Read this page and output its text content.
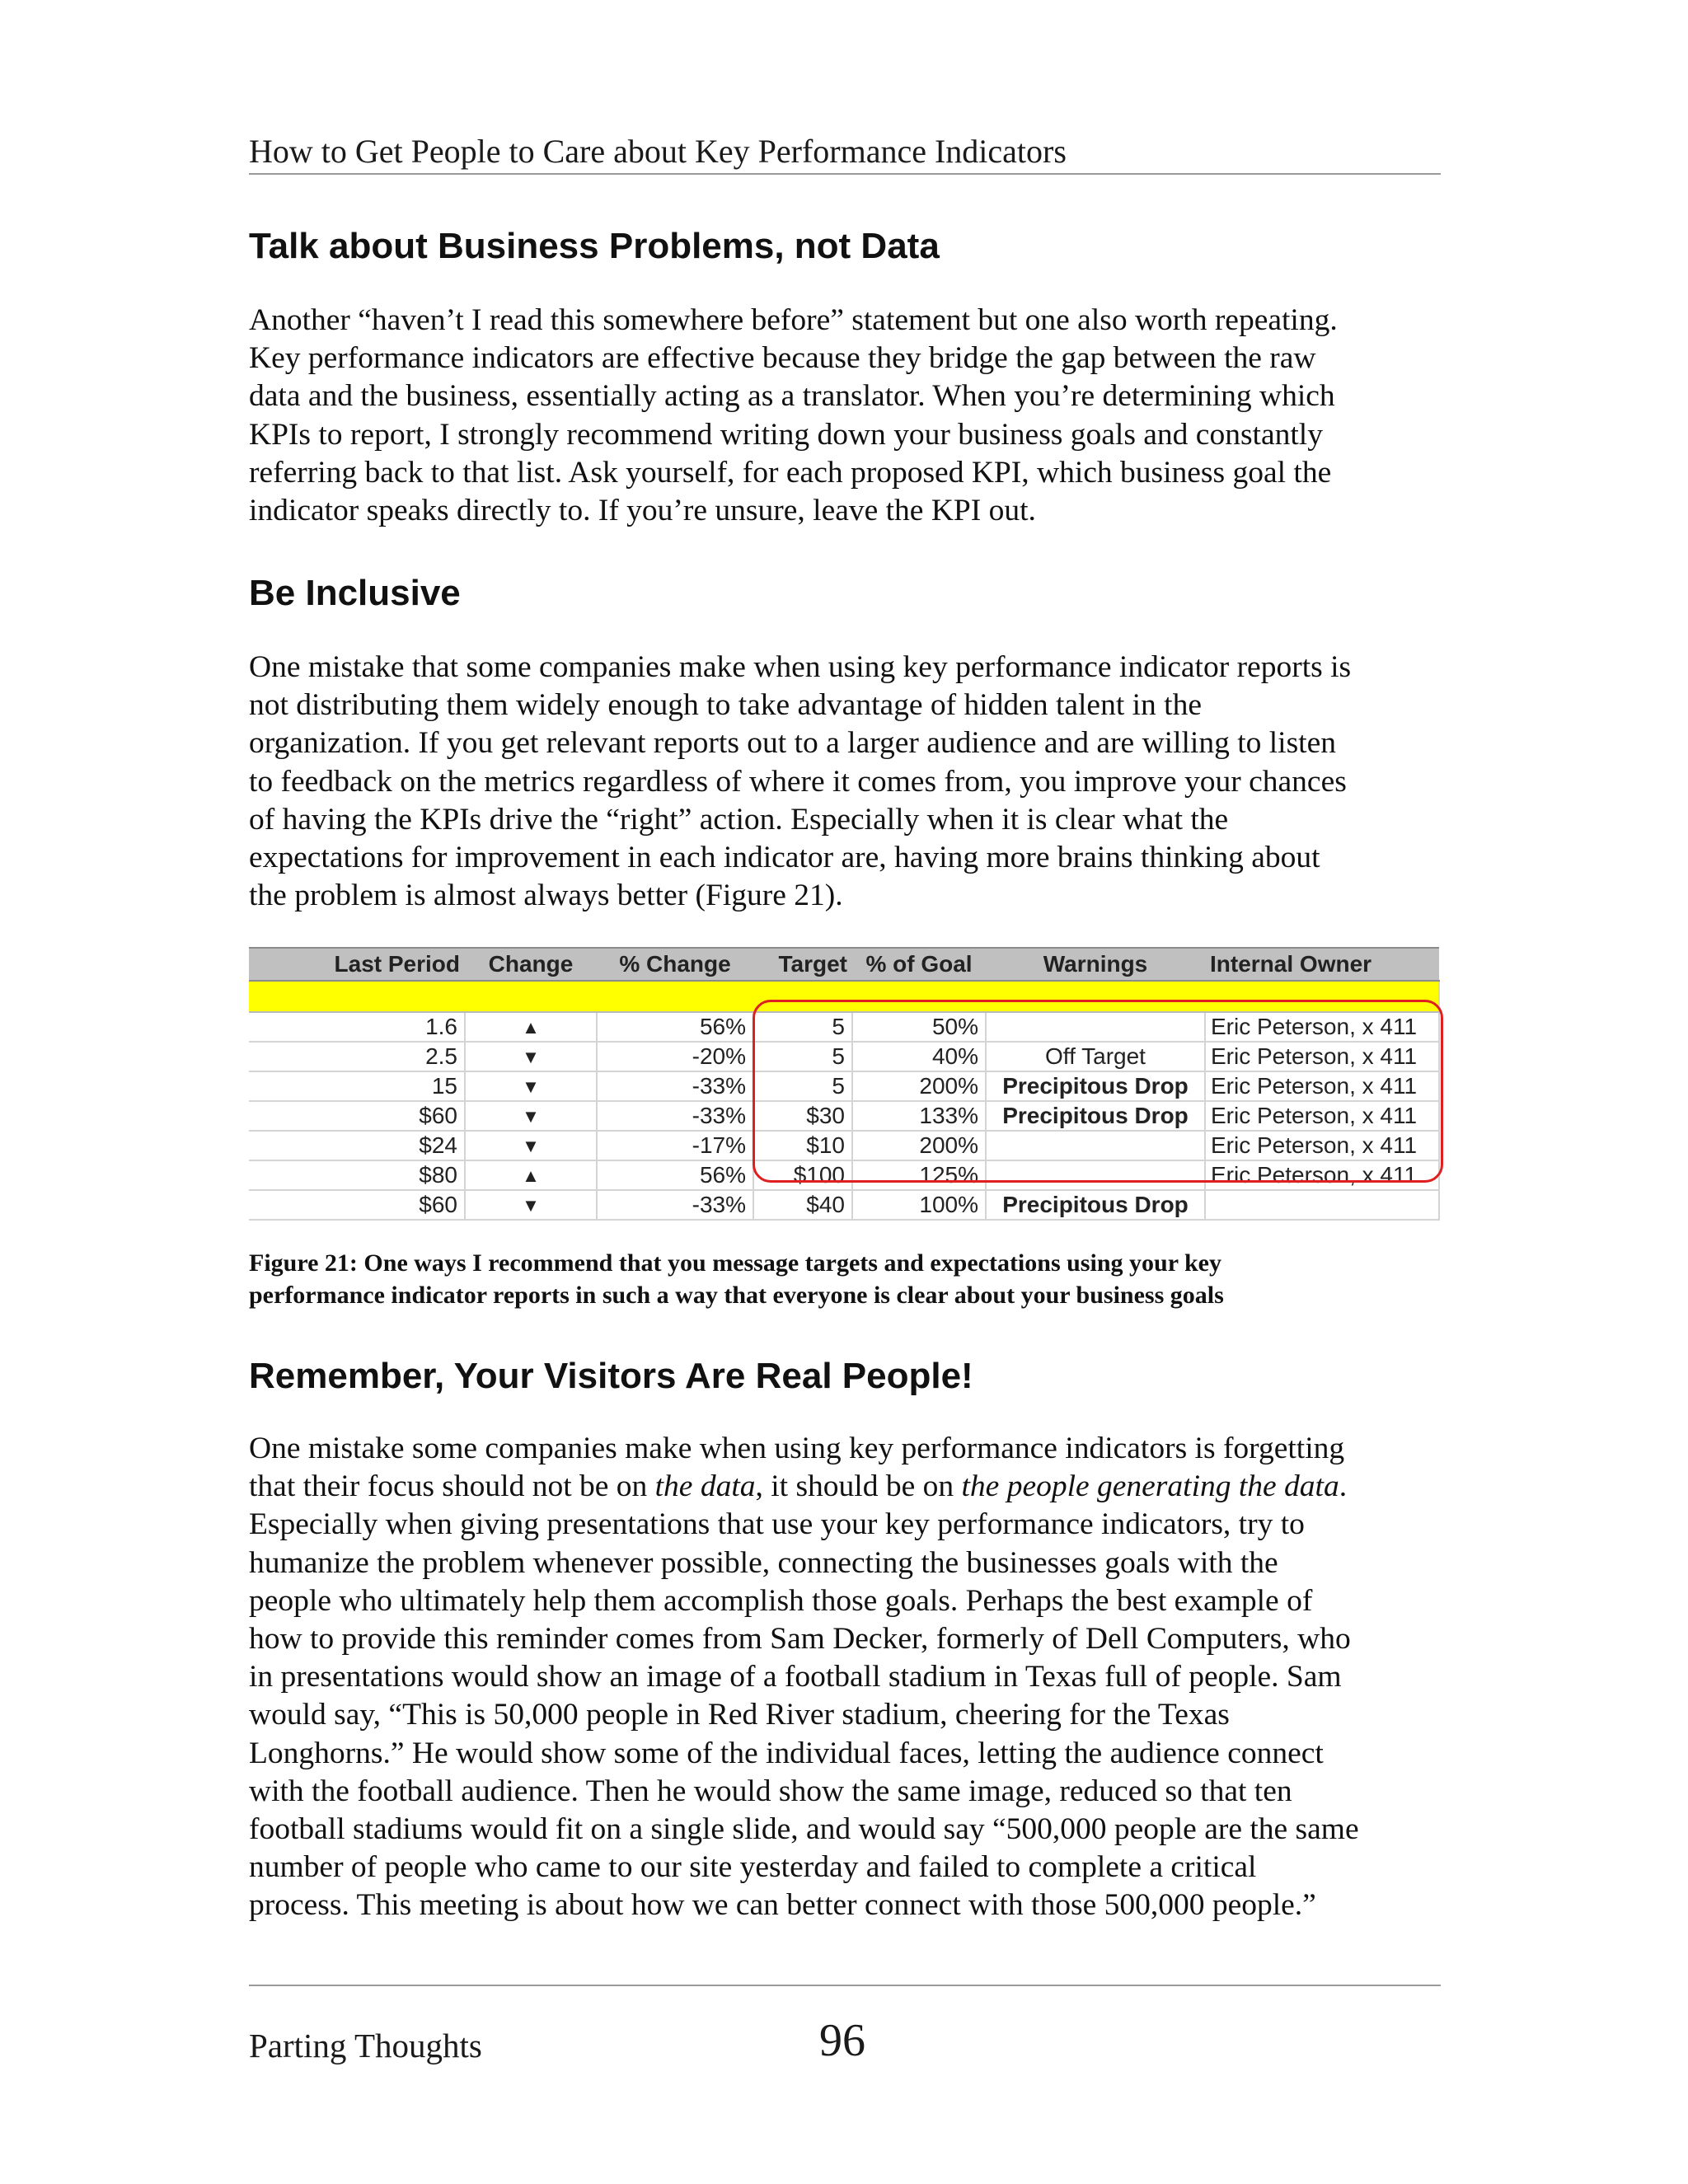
How to Get People to Care about Key Performance Indicators
Talk about Business Problems, not Data

Another “haven’t I read this somewhere before” statement but one also worth repeating.
Key performance indicators are effective because they bridge the gap between the raw
data and the business, essentially acting as a translator. When you’re determining which
KPIs to report, I strongly recommend writing down your business goals and constantly
referring back to that list. Ask yourself, for each proposed KPI, which business goal the
indicator speaks directly to. If you’re unsure, leave the KPI out.

Be Inclusive

One mistake that some companies make when using key performance indicator reports is
not distributing them widely enough to take advantage of hidden talent in the
organization. If you get relevant reports out to a larger audience and are willing to listen
to feedback on the metrics regardless of where it comes from, you improve your chances
of having the KPIs drive the “right” action. Especially when it is clear what the
expectations for improvement in each indicator are, having more brains thinking about
the problem is almost always better (Figure 21).

Last Period	Change	% Change	Target	% of Goal	Warnings	Internal Owner

1.6	▲	56%	5	50%		Eric Peterson, x 411
2.5	▼	-20%	5	40%	Off Target	Eric Peterson, x 411
15	▼	-33%	5	200%	Precipitous Drop	Eric Peterson, x 411
$60	▼	-33%	$30	133%	Precipitous Drop	Eric Peterson, x 411
$24	▼	-17%	$10	200%		Eric Peterson, x 411
$80	▲	56%	$100	125%		Eric Peterson, x 411
$60	▼	-33%	$40	100%	Precipitous Drop	

Figure 21: One ways I recommend that you message targets and expectations using your key
performance indicator reports in such a way that everyone is clear about your business goals

Remember, Your Visitors Are Real People!

One mistake some companies make when using key performance indicators is forgetting
that their focus should not be on the data, it should be on the people generating the data.
Especially when giving presentations that use your key performance indicators, try to
humanize the problem whenever possible, connecting the businesses goals with the
people who ultimately help them accomplish those goals. Perhaps the best example of
how to provide this reminder comes from Sam Decker, formerly of Dell Computers, who
in presentations would show an image of a football stadium in Texas full of people. Sam
would say, “This is 50,000 people in Red River stadium, cheering for the Texas
Longhorns.” He would show some of the individual faces, letting the audience connect
with the football audience. Then he would show the same image, reduced so that ten
football stadiums would fit on a single slide, and would say “500,000 people are the same
number of people who came to our site yesterday and failed to complete a critical
process. This meeting is about how we can better connect with those 500,000 people.”

Parting Thoughts	96
